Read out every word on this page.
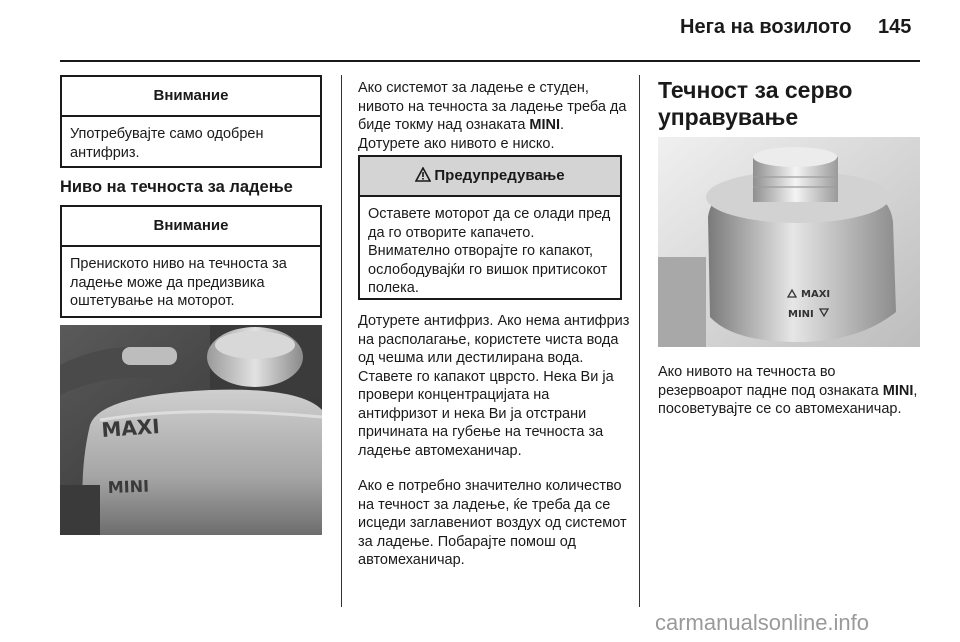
Нега на возилото 145
Внимание
Употребувајте само одобрен антифриз.
Ниво на течноста за ладење
Внимание
Прениското ниво на течноста за ладење може да предизвика оштетување на моторот.
MAXI
MINI
Ако системот за ладење е студен, нивото на течноста за ладење треба да биде токму над ознаката MINI. Дотурете ако нивото е ниско.
Предупредување
Оставете моторот да се олади пред да го отворите капачето. Внимателно отворајте го капакот, ослободувајќи го вишок притисокот полека.
Дотурете антифриз. Ако нема антифриз на располагање, користете чиста вода од чешма или дестилирана вода. Ставете го капакот цврсто. Нека Ви ја провери концентрацијата на антифризот и нека Ви ја отстрани причината на губење на течноста за ладење автомеханичар.
Ако е потребно значително количество на течност за ладење, ќе треба да се исцеди заглавениот воздух од системот за ладење. Побарајте помош од автомеханичар.
Течност за серво управување
MAXI
MINI
Ако нивото на течноста во резервоарот падне под ознаката MINI, посоветувајте се со автомеханичар.
carmanualsonline.info
